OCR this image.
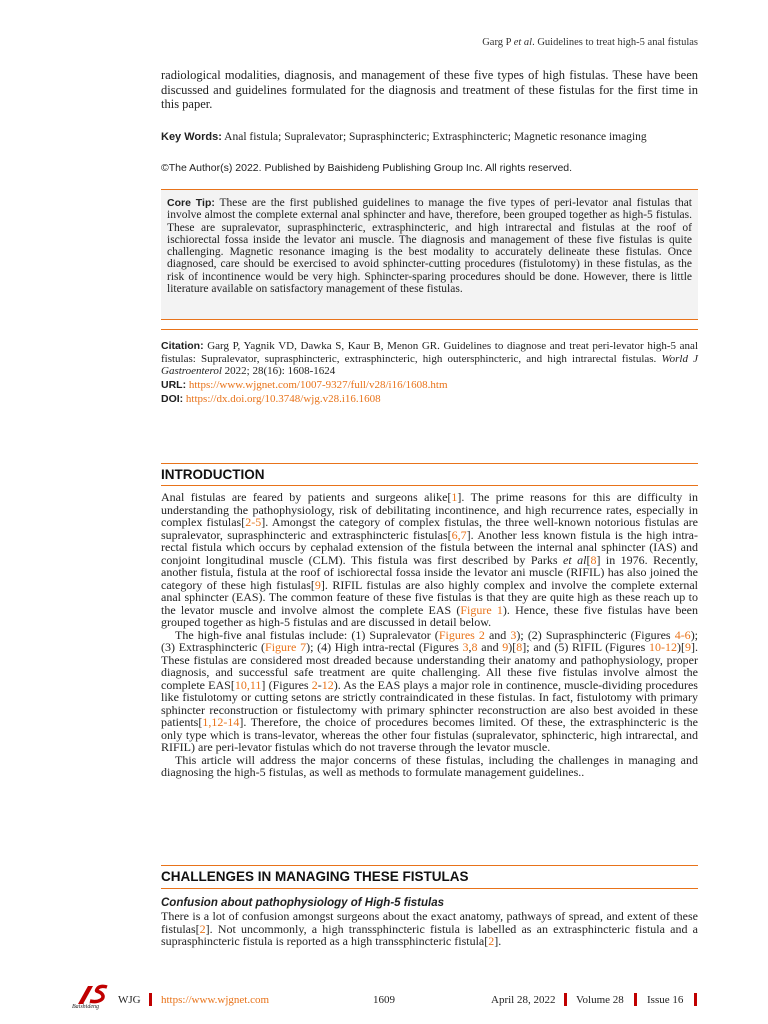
Garg P et al. Guidelines to treat high-5 anal fistulas

radiological modalities, diagnosis, and management of these five types of high fistulas. These have been discussed and guidelines formulated for the diagnosis and treatment of these fistulas for the first time in this paper.

Key Words: Anal fistula; Supralevator; Suprasphincteric; Extrasphincteric; Magnetic resonance imaging
©The Author(s) 2022. Published by Baishideng Publishing Group Inc. All rights reserved.

Core Tip: These are the first published guidelines to manage the five types of peri-levator anal fistulas that involve almost the complete external anal sphincter and have, therefore, been grouped together as high-5 fistulas. These are supralevator, suprasphincteric, extrasphincteric, and high intrarectal and fistulas at the roof of ischiorectal fossa inside the levator ani muscle. The diagnosis and management of these five fistulas is quite challenging. Magnetic resonance imaging is the best modality to accurately delineate these fistulas. Once diagnosed, care should be exercised to avoid sphincter-cutting procedures (fistulotomy) in these fistulas, as the risk of incontinence would be very high. Sphincter-sparing procedures should be done. However, there is little literature available on satisfactory management of these fistulas.

Citation: Garg P, Yagnik VD, Dawka S, Kaur B, Menon GR. Guidelines to diagnose and treat peri-levator high-5 anal fistulas: Supralevator, suprasphincteric, extrasphincteric, high outersphincteric, and high intrarectal fistulas. World J Gastroenterol 2022; 28(16): 1608-1624

URL: https://www.wjgnet.com/1007-9327/full/v28/i16/1608.htm

DOI: https://dx.doi.org/10.3748/wjg.v28.i16.1608

INTRODUCTION

Anal fistulas are feared by patients and surgeons alike[1]. The prime reasons for this are difficulty in understanding the pathophysiology, risk of debilitating incontinence, and high recurrence rates, especially in complex fistulas[2-5]. Amongst the category of complex fistulas, the three well-known notorious fistulas are supralevator, suprasphincteric and extrasphincteric fistulas[6,7]. Another less known fistula is the high intra-rectal fistula which occurs by cephalad extension of the fistula between the internal anal sphincter (IAS) and conjoint longitudinal muscle (CLM). This fistula was first described by Parks et al[8] in 1976. Recently, another fistula, fistula at the roof of ischiorectal fossa inside the levator ani muscle (RIFIL) has also joined the category of these high fistulas[9]. RIFIL fistulas are also highly complex and involve the complete external anal sphincter (EAS). The common feature of these five fistulas is that they are quite high as these reach up to the levator muscle and involve almost the complete EAS (Figure 1). Hence, these five fistulas have been grouped together as high-5 fistulas and are discussed in detail below.

The high-five anal fistulas include: (1) Supralevator (Figures 2 and 3); (2) Suprasphincteric (Figures 4-6); (3) Extrasphincteric (Figure 7); (4) High intra-rectal (Figures 3,8 and 9)[8]; and (5) RIFIL (Figures 10-12)[9]. These fistulas are considered most dreaded because understanding their anatomy and pathophysiology, proper diagnosis, and successful safe treatment are quite challenging. All these five fistulas involve almost the complete EAS[10,11] (Figures 2-12). As the EAS plays a major role in continence, muscle-dividing procedures like fistulotomy or cutting setons are strictly contraindicated in these fistulas. In fact, fistulotomy with primary sphincter reconstruction or fistulectomy with primary sphincter reconstruction are also best avoided in these patients[1,12-14]. Therefore, the choice of procedures becomes limited. Of these, the extrasphincteric is the only type which is trans-levator, whereas the other four fistulas (supralevator, sphincteric, high intrarectal, and RIFIL) are peri-levator fistulas which do not traverse through the levator muscle.

This article will address the major concerns of these fistulas, including the challenges in managing and diagnosing the high-5 fistulas, as well as methods to formulate management guidelines..

CHALLENGES IN MANAGING THESE FISTULAS

Confusion about pathophysiology of High-5 fistulas

There is a lot of confusion amongst surgeons about the exact anatomy, pathways of spread, and extent of these fistulas[2]. Not uncommonly, a high transsphincteric fistula is labelled as an extrasphincteric fistula and a suprasphincteric fistula is reported as a high transsphincteric fistula[2].

Baishideng
WJG https://www.wjgnet.com	1609	April 28, 2022 Volume 28 Issue 16
